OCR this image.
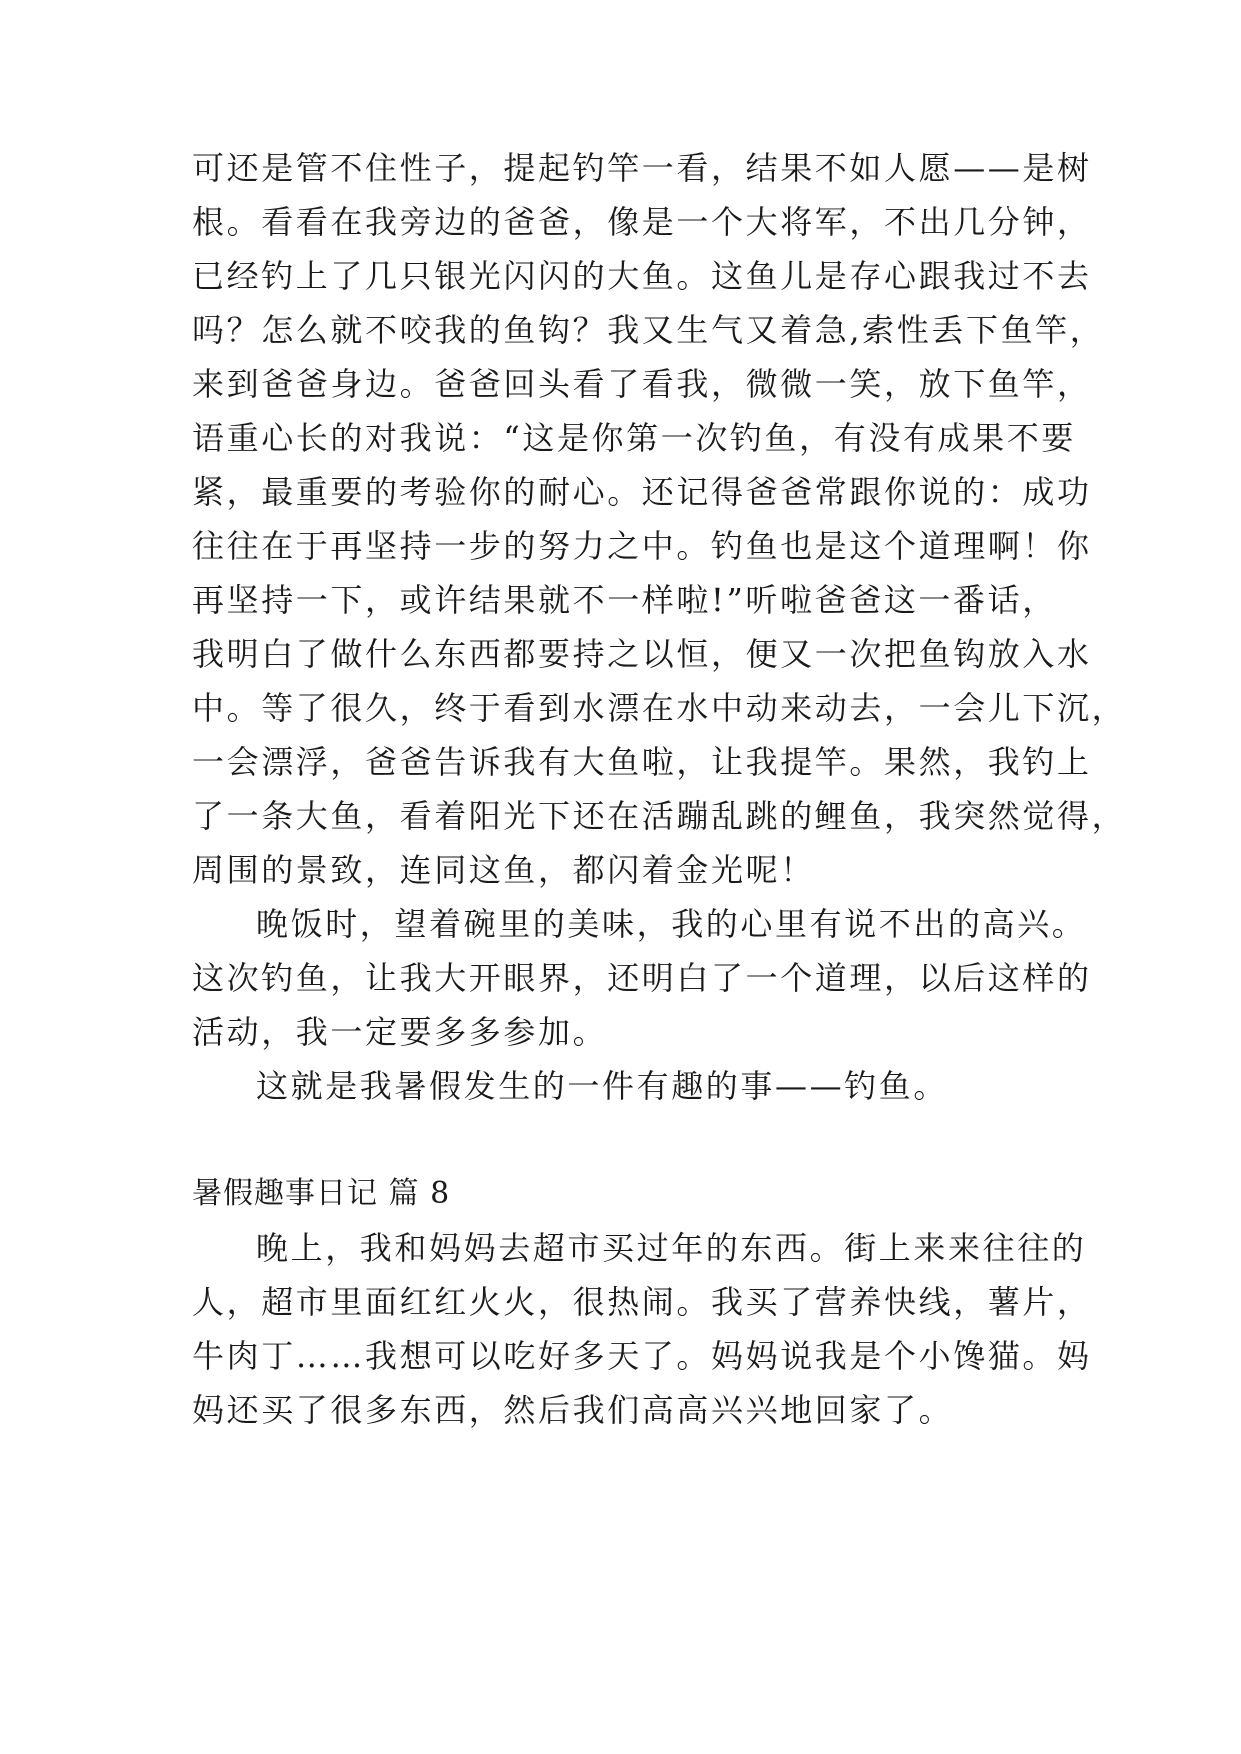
可还是管不住性子，提起钓竿一看，结果不如人愿——是树
根。看看在我旁边的爸爸，像是一个大将军，不出几分钟，
已经钓上了几只银光闪闪的大鱼。这鱼儿是存心跟我过不去
吗？怎么就不咬我的鱼钩？我又生气又着急,索性丢下鱼竿，
来到爸爸身边。爸爸回头看了看我，微微一笑，放下鱼竿，
语重心长的对我说：“这是你第一次钓鱼，有没有成果不要
紧，最重要的考验你的耐心。还记得爸爸常跟你说的：成功
往往在于再坚持一步的努力之中。钓鱼也是这个道理啊！你
再坚持一下，或许结果就不一样啦!”听啦爸爸这一番话，
我明白了做什么东西都要持之以恒，便又一次把鱼钩放入水
中。等了很久，终于看到水漂在水中动来动去，一会儿下沉，
一会漂浮，爸爸告诉我有大鱼啦，让我提竿。果然，我钓上
了一条大鱼，看着阳光下还在活蹦乱跳的鲤鱼，我突然觉得，
周围的景致，连同这鱼，都闪着金光呢！
晚饭时，望着碗里的美味，我的心里有说不出的高兴。
这次钓鱼，让我大开眼界，还明白了一个道理，以后这样的
活动，我一定要多多参加。
这就是我暑假发生的一件有趣的事——钓鱼。
暑假趣事日记 篇 8
晚上，我和妈妈去超市买过年的东西。街上来来往往的
人，超市里面红红火火，很热闹。我买了营养快线，薯片，
牛肉丁……我想可以吃好多天了。妈妈说我是个小馋猫。妈
妈还买了很多东西，然后我们高高兴兴地回家了。
